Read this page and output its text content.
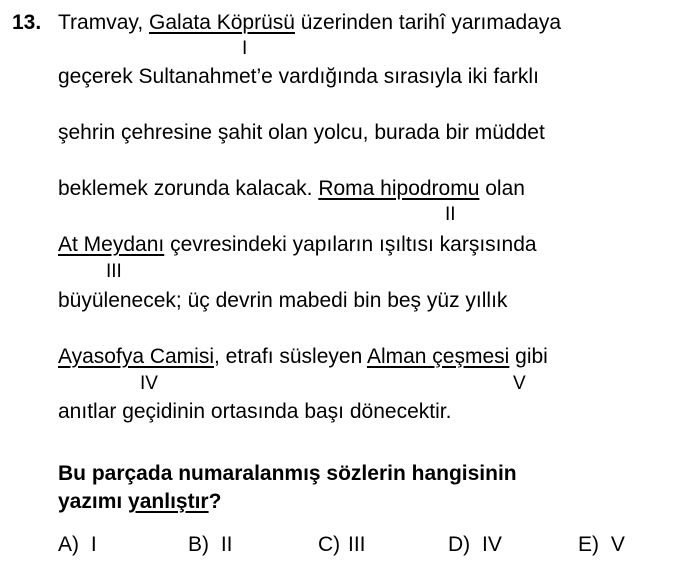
13. Tramvay, Galata Köprüsü üzerinden tarihî yarımadaya
I
geçerek Sultanahmet’e vardığında sırasıyla iki farklı
şehrin çehresine şahit olan yolcu, burada bir müddet
beklemek zorunda kalacak. Roma hipodromu olan
II
At Meydanı çevresindeki yapıların ışıltısı karşısında
III
büyülenecek; üç devrin mabedi bin beş yüz yıllık
Ayasofya Camisi, etrafı süsleyen Alman çeşmesi gibi
IV	V
anıtlar geçidinin ortasında başı dönecektir.
Bu parçada numaralanmış sözlerin hangisinin
yazımı yanlıştır?
A) I	B) II	C) III	D) IV	E) V
